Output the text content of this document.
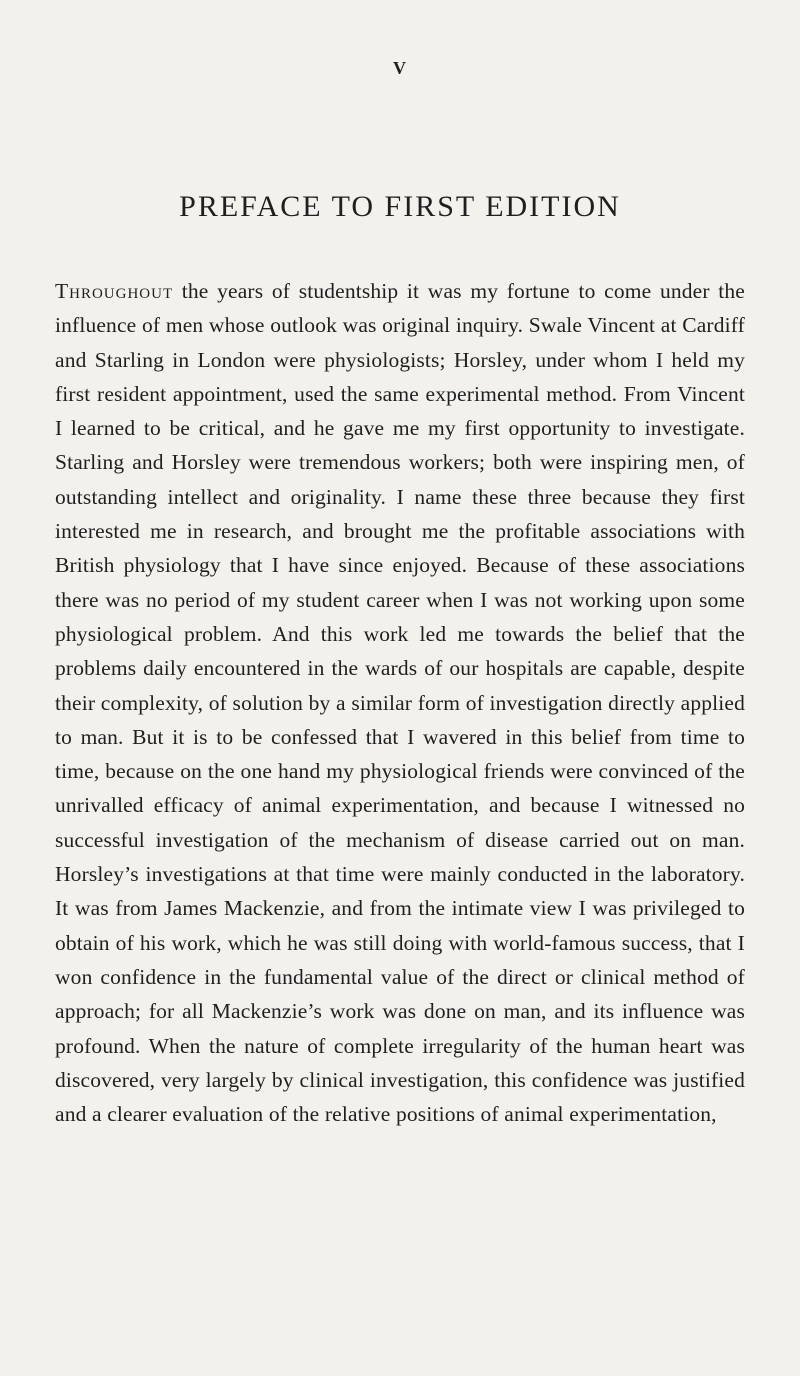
V
PREFACE TO FIRST EDITION

Throughout the years of studentship it was my fortune to come under the influence of men whose outlook was original inquiry. Swale Vincent at Cardiff and Starling in London were physiologists; Horsley, under whom I held my first resident appointment, used the same experimental method. From Vincent I learned to be critical, and he gave me my first opportunity to investigate. Starling and Horsley were tremendous workers; both were inspiring men, of outstanding intellect and originality. I name these three because they first interested me in research, and brought me the profitable associations with British physiology that I have since enjoyed. Because of these associations there was no period of my student career when I was not working upon some physiological problem. And this work led me towards the belief that the problems daily encountered in the wards of our hospitals are capable, despite their complexity, of solution by a similar form of investigation directly applied to man. But it is to be confessed that I wavered in this belief from time to time, because on the one hand my physiological friends were convinced of the unrivalled efficacy of animal experimentation, and because I witnessed no successful investigation of the mechanism of disease carried out on man. Horsley’s investigations at that time were mainly conducted in the laboratory. It was from James Mackenzie, and from the intimate view I was privileged to obtain of his work, which he was still doing with world-famous success, that I won confidence in the fundamental value of the direct or clinical method of approach; for all Mackenzie’s work was done on man, and its influence was profound. When the nature of complete irregularity of the human heart was discovered, very largely by clinical investigation, this confidence was justified and a clearer evaluation of the relative positions of animal experimentation,
